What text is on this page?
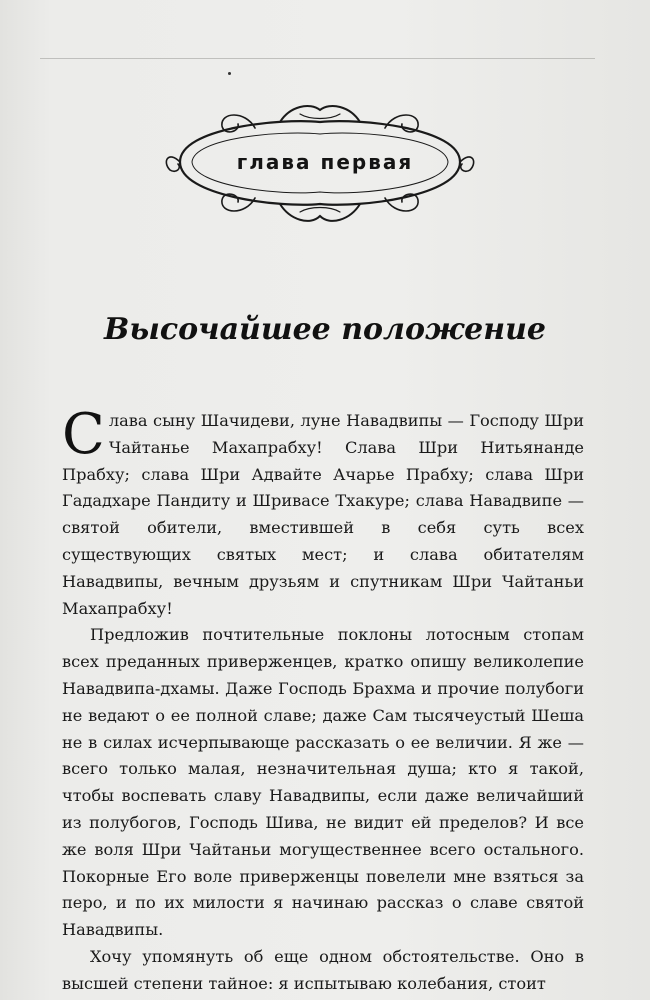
глава первая
Высочайшее положение

Слава сыну Шачидеви, луне Навадвипы — Господу Шри Чайтанье Махапрабху! Слава Шри Нитьянанде Прабху; слава Шри Адвайте Ачарье Прабху; слава Шри Гададхаре Пандиту и Шривасе Тхакуре; слава Навадвипе — святой обители, вместившей в себя суть всех существующих святых мест; и слава обитателям Навадвипы, вечным друзьям и спутникам Шри Чайтаньи Махапрабху!

Предложив почтительные поклоны лотосным стопам всех преданных приверженцев, кратко опишу великолепие Навадвипа-дхамы. Даже Господь Брахма и прочие полубоги не ведают о ее полной славе; даже Сам тысячеустый Шеша не в силах исчерпывающе рассказать о ее величии. Я же — всего только малая, незначительная душа; кто я такой, чтобы воспевать славу Навадвипы, если даже величайший из полубогов, Господь Шива, не видит ей пределов? И все же воля Шри Чайтаньи могущественнее всего остального. Покорные Его воле приверженцы повелели мне взяться за перо, и по их милости я начинаю рассказ о славе святой Навадвипы.

Хочу упомянуть об еще одном обстоятельстве. Оно в высшей степени тайное: я испытываю колебания, стоит
